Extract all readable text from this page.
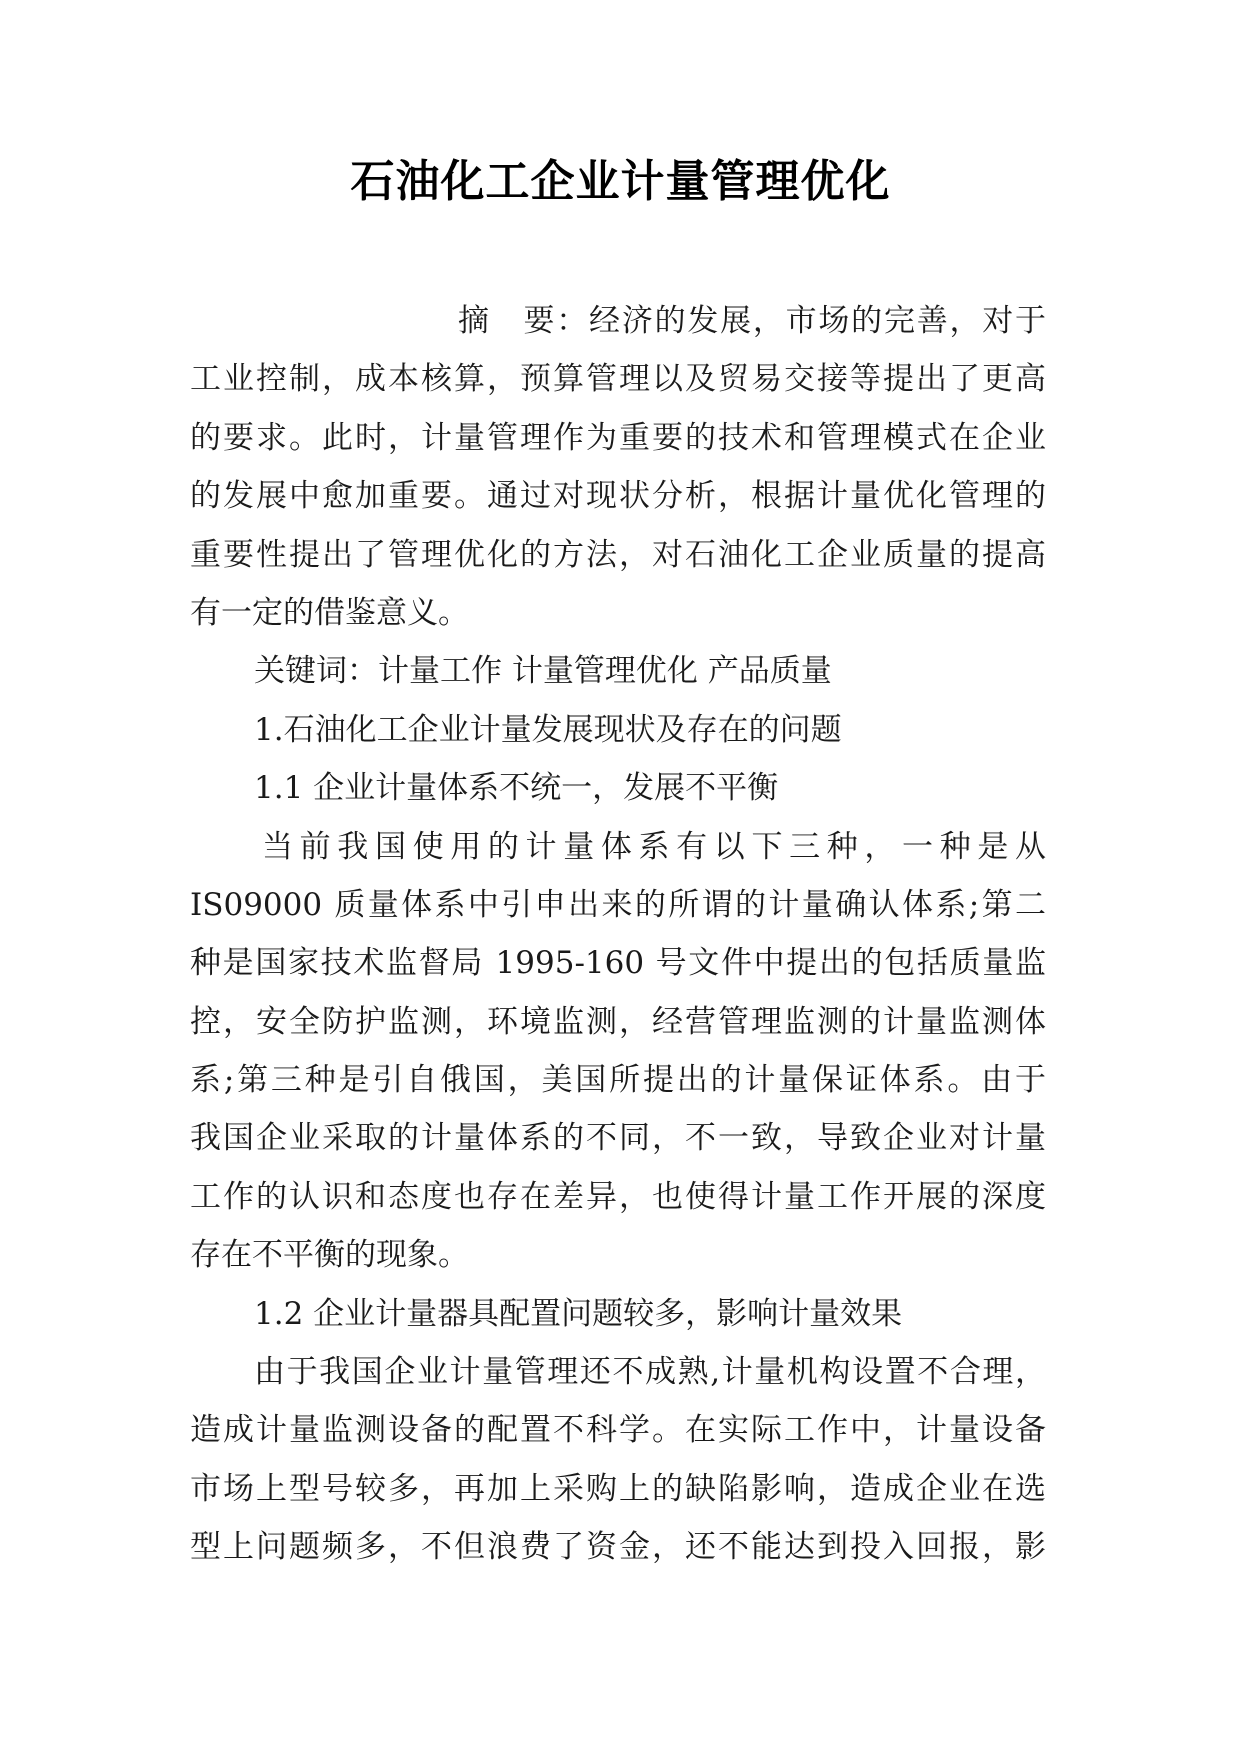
石油化工企业计量管理优化
摘　要：经济的发展，市场的完善，对于
工业控制，成本核算，预算管理以及贸易交接等提出了更高
的要求。此时，计量管理作为重要的技术和管理模式在企业
的发展中愈加重要。通过对现状分析，根据计量优化管理的
重要性提出了管理优化的方法，对石油化工企业质量的提高
有一定的借鉴意义。
关键词：计量工作 计量管理优化 产品质量
1.石油化工企业计量发展现状及存在的问题
1.1 企业计量体系不统一，发展不平衡
当前我国使用的计量体系有以下三种，一种是从
IS09000 质量体系中引申出来的所谓的计量确认体系;第二
种是国家技术监督局 1995-160 号文件中提出的包括质量监
控，安全防护监测，环境监测，经营管理监测的计量监测体
系;第三种是引自俄国，美国所提出的计量保证体系。由于
我国企业采取的计量体系的不同，不一致，导致企业对计量
工作的认识和态度也存在差异，也使得计量工作开展的深度
存在不平衡的现象。
1.2 企业计量器具配置问题较多，影响计量效果
由于我国企业计量管理还不成熟,计量机构设置不合理，
造成计量监测设备的配置不科学。在实际工作中，计量设备
市场上型号较多，再加上采购上的缺陷影响，造成企业在选
型上问题频多，不但浪费了资金，还不能达到投入回报，影
